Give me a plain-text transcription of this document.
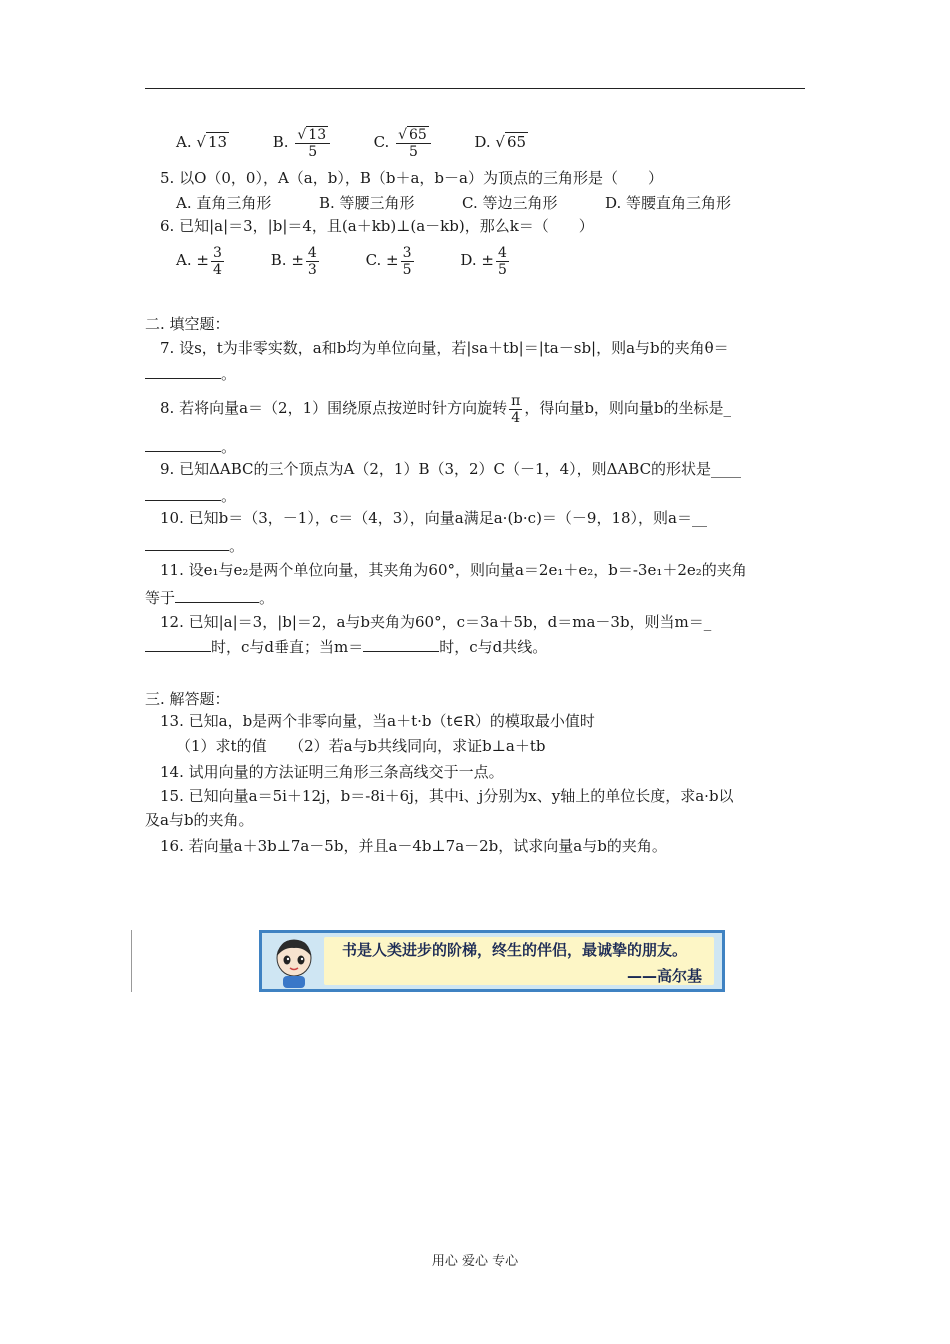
A. √ 13	B. $\frac{√ 13}{5}$	C. $\frac{√ 65}{5}$	D. √ 65
5. 以O（0，0），A（a，b），B（b＋a，b－a）为顶点的三角形是（　　）
A. 直角三角形	B. 等腰三角形	C. 等边三角形	D. 等腰直角三角形
6. 已知|a|＝3，|b|＝4，且(a＋kb)⊥(a－kb)，那么k＝（　　）
A. ± $\frac{3}{4}$	B. ± $\frac{4}{3}$	C. ± $\frac{3}{5}$	D. ± $\frac{4}{5}$
二. 填空题：
7. 设s，t为非零实数，a和b均为单位向量，若|sa＋tb|＝|ta－sb|，则a与b的夹角θ＝
。
8. 若将向量a＝（2，1）围绕原点按逆时针方向旋转 $\frac{\pi}{4}$ ，得向量b，则向量b的坐标是_
。
9. 已知ΔABC的三个顶点为A（2，1）B（3，2）C（－1，4），则ΔABC的形状是____
。
10. 已知b＝（3，－1），c＝（4，3），向量a满足a·(b·c)＝（－9，18），则a＝__
。
11. 设e₁与e₂是两个单位向量，其夹角为60°，则向量a＝2e₁＋e₂，b＝-3e₁＋2e₂的夹角
等于	。
12. 已知|a|＝3，|b|＝2，a与b夹角为60°，c＝3a＋5b，d＝ma－3b，则当m＝_
时，c与d垂直；当m＝	时，c与d共线。
三. 解答题：
13. 已知a，b是两个非零向量，当a＋t·b（t∈R）的模取最小值时
（1）求t的值　　（2）若a与b共线同向，求证b⊥a＋tb
14. 试用向量的方法证明三角形三条高线交于一点。
15. 已知向量a＝5i＋12j，b＝-8i＋6j，其中i、j分别为x、y轴上的单位长度，求a·b以
及a与b的夹角。
16. 若向量a＋3b⊥7a－5b，并且a－4b⊥7a－2b，试求向量a与b的夹角。
书是人类进步的阶梯，终生的伴侣，最诚挚的朋友。
——高尔基
用心 爱心 专心
